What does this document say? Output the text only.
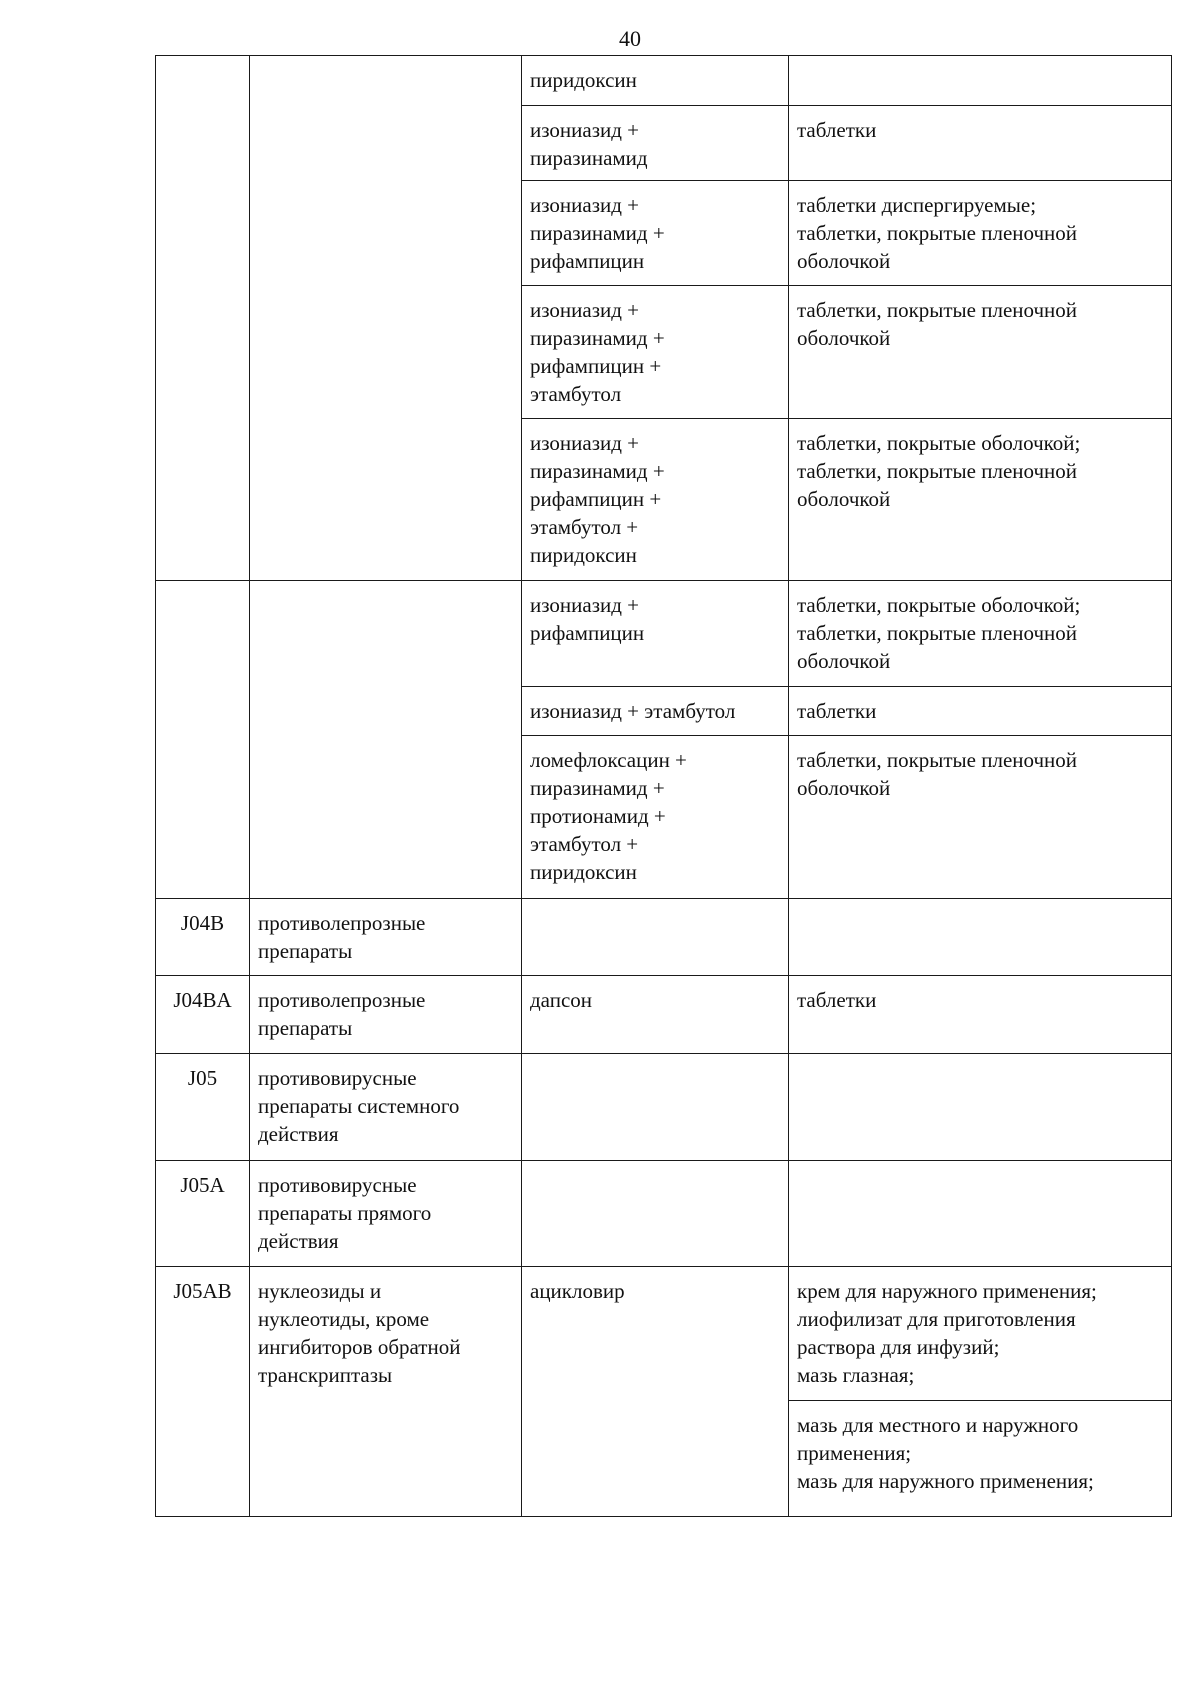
40
		пиридоксин	
		изониазид +
пиразинамид	таблетки
		изониазид +
пиразинамид +
рифампицин	таблетки диспергируемые;
таблетки, покрытые пленочной
оболочкой
		изониазид +
пиразинамид +
рифампицин +
этамбутол	таблетки, покрытые пленочной
оболочкой
		изониазид +
пиразинамид +
рифампицин +
этамбутол +
пиридоксин	таблетки, покрытые оболочкой;
таблетки, покрытые пленочной
оболочкой
		изониазид +
рифампицин	таблетки, покрытые оболочкой;
таблетки, покрытые пленочной
оболочкой
		изониазид + этамбутол	таблетки
		ломефлоксацин +
пиразинамид +
протионамид +
этамбутол +
пиридоксин	таблетки, покрытые пленочной
оболочкой
J04B	противолепрозные
препараты		
J04BA	противолепрозные
препараты	дапсон	таблетки
J05	противовирусные
препараты системного
действия		
J05A	противовирусные
препараты прямого
действия		
J05AB	нуклеозиды и
нуклеотиды, кроме
ингибиторов обратной
транскриптазы	ацикловир	крем для наружного применения;
лиофилизат для приготовления
раствора для инфузий;
мазь глазная;
			мазь для местного и наружного
применения;
мазь для наружного применения;
